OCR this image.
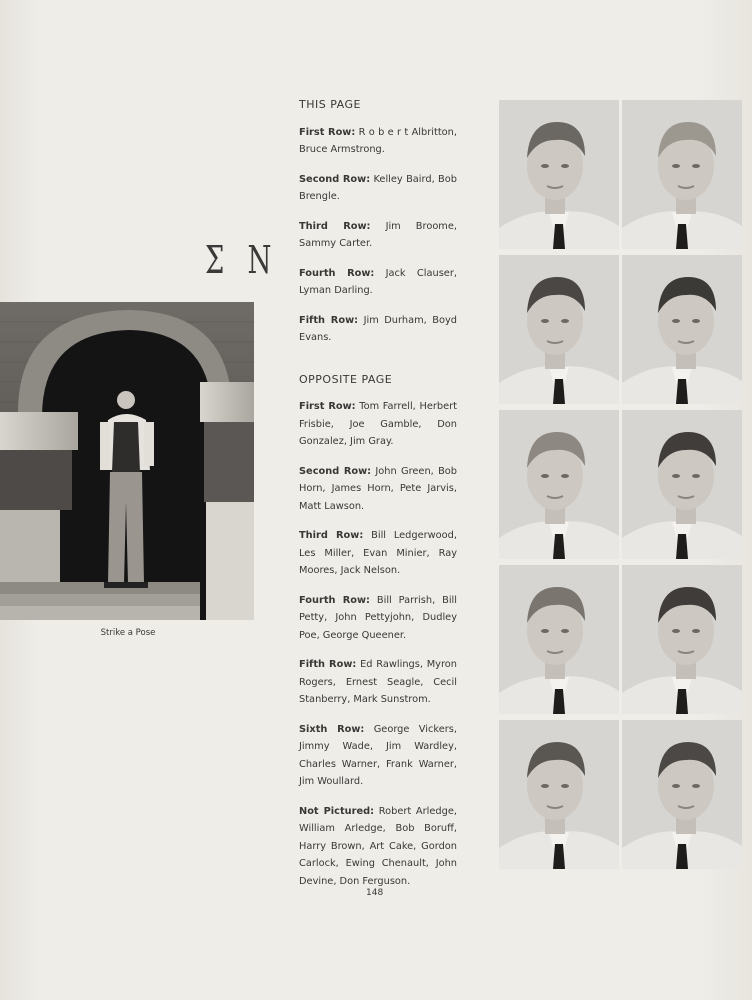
Σ N
Strike a Pose
THIS PAGE

First Row: R o b e r t Albritton, Bruce Armstrong.

Second Row: Kelley Baird, Bob Brengle.

Third Row: Jim Broome, Sammy Carter.

Fourth Row: Jack Clauser, Lyman Darling.

Fifth Row: Jim Durham, Boyd Evans.

OPPOSITE PAGE

First Row: Tom Farrell, Herbert Frisbie, Joe Gamble, Don Gonzalez, Jim Gray.

Second Row: John Green, Bob Horn, James Horn, Pete Jarvis, Matt Lawson.

Third Row: Bill Ledgerwood, Les Miller, Evan Minier, Ray Moores, Jack Nelson.

Fourth Row: Bill Parrish, Bill Petty, John Pettyjohn, Dudley Poe, George Queener.

Fifth Row: Ed Rawlings, Myron Rogers, Ernest Seagle, Cecil Stanberry, Mark Sunstrom.

Sixth Row: George Vickers, Jimmy Wade, Jim Wardley, Charles Warner, Frank Warner, Jim Woullard.

Not Pictured: Robert Arledge, William Arledge, Bob Boruff, Harry Brown, Art Cake, Gordon Carlock, Ewing Chenault, John Devine, Don Ferguson.

148
